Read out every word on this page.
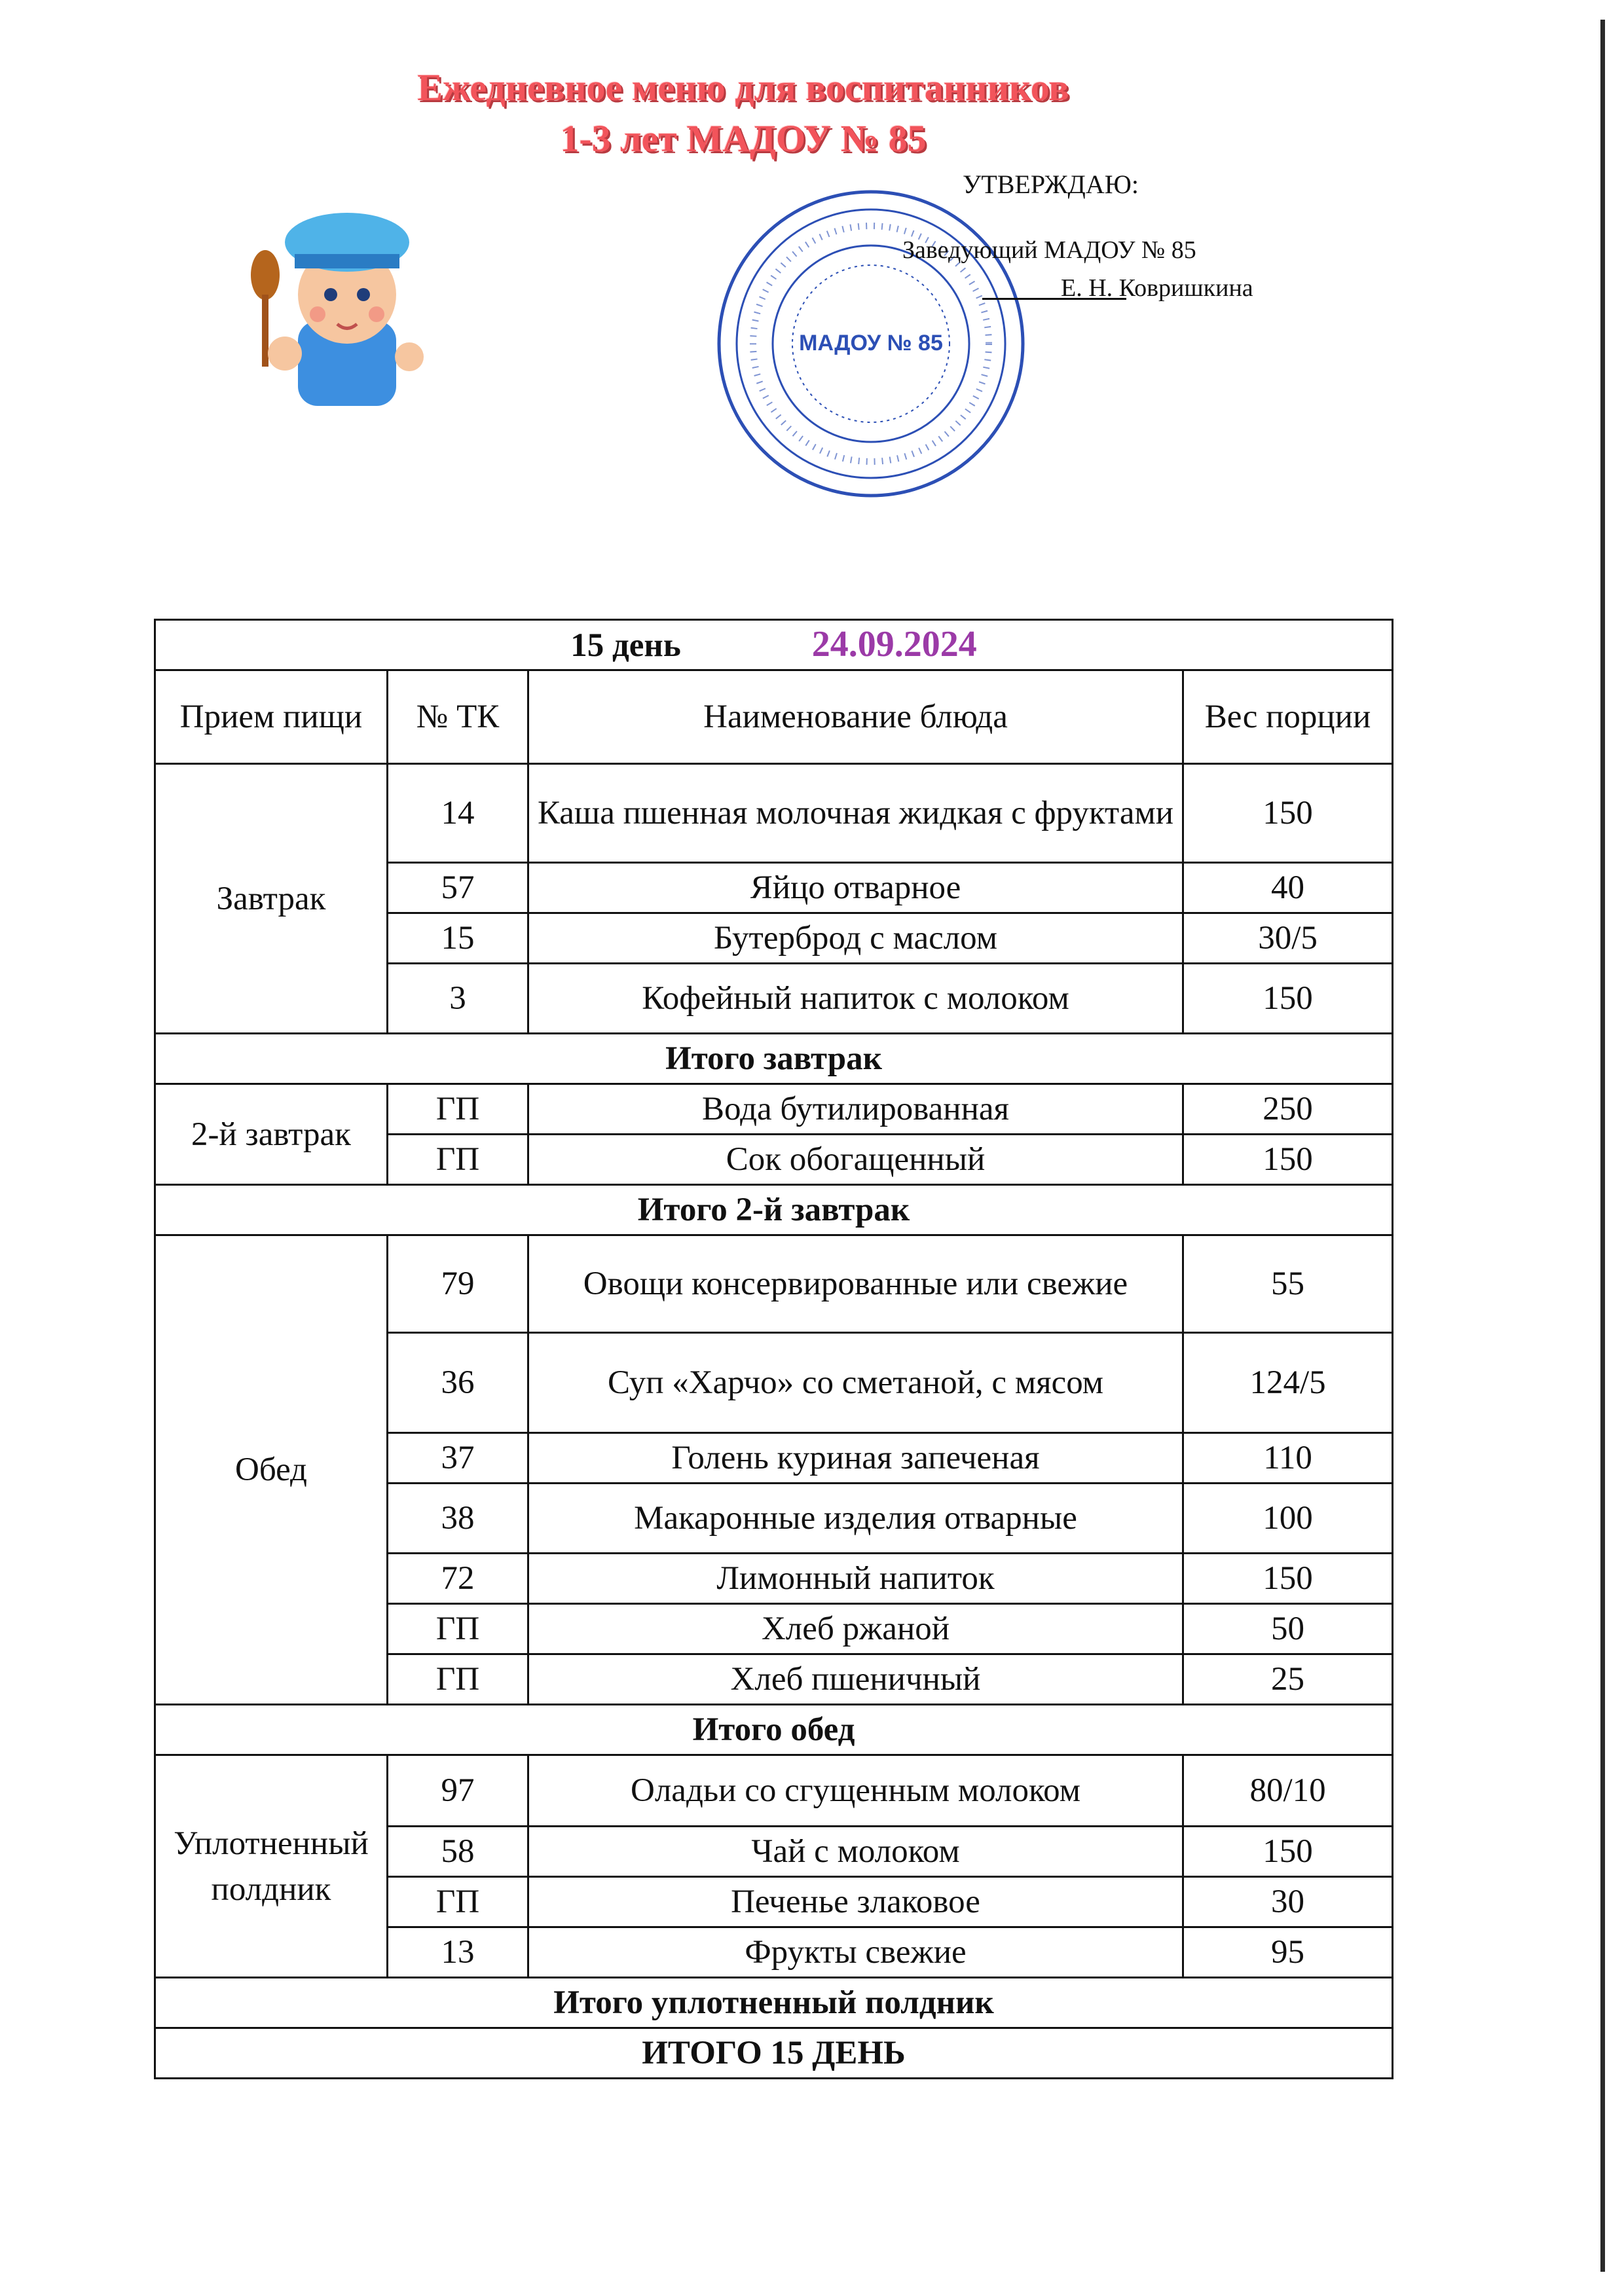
Ежедневное меню для воспитанников
1-3 лет МАДОУ № 85
МАДОУ № 85
УТВЕРЖДАЮ:
Заведующий МАДОУ № 85
Е. Н. Ковришкина
15 день 24.09.2024			
Прием пищи	№ ТК	Наименование блюда	Вес порции
Завтрак	14	Каша пшенная молочная жидкая с фруктами	150
	57	Яйцо отварное	40
	15	Бутерброд с маслом	30/5
	3	Кофейный напиток с молоком	150
Итого завтрак			
2-й завтрак	ГП	Вода бутилированная	250
	ГП	Сок обогащенный	150
Итого 2-й завтрак			
Обед	79	Овощи консервированные или свежие	55
	36	Суп «Харчо» со сметаной, с мясом	124/5
	37	Голень куриная запеченая	110
	38	Макаронные изделия отварные	100
	72	Лимонный напиток	150
	ГП	Хлеб ржаной	50
	ГП	Хлеб пшеничный	25
Итого обед			
Уплотненный полдник	97	Оладьи со сгущенным молоком	80/10
	58	Чай с молоком	150
	ГП	Печенье злаковое	30
	13	Фрукты свежие	95
Итого уплотненный полдник			
ИТОГО 15 ДЕНЬ			
